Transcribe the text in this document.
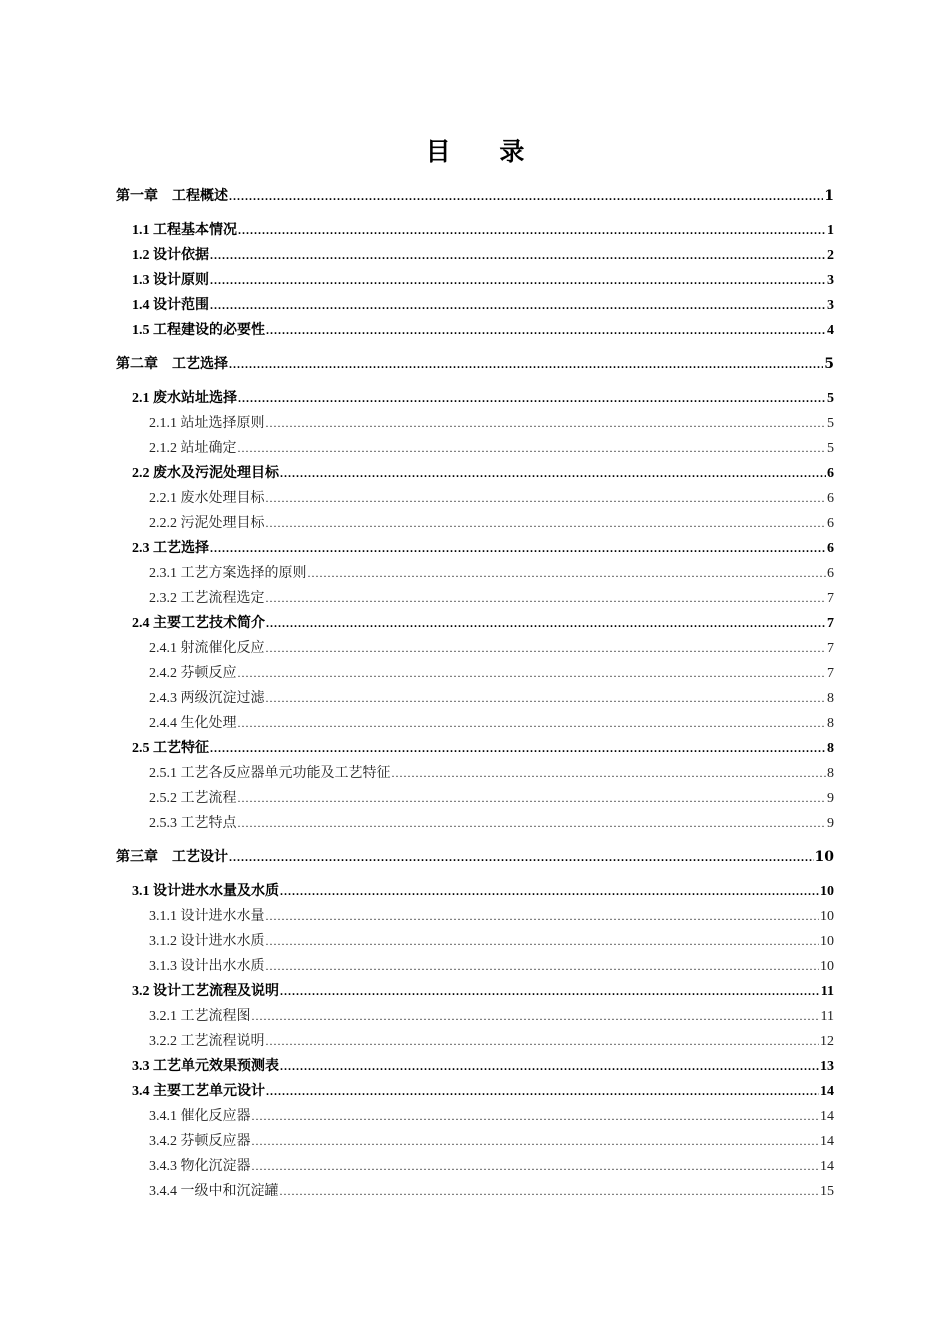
目 录
第一章　工程概述 .....	1
1.1 工程基本情况 .....	1
1.2 设计依据 .....	2
1.3 设计原则 .....	3
1.4 设计范围 .....	3
1.5 工程建设的必要性 .....	4
第二章　工艺选择 .....	5
2.1 废水站址选择 .....	5
2.1.1 站址选择原则 .....	5
2.1.2 站址确定 .....	5
2.2 废水及污泥处理目标 .....	6
2.2.1 废水处理目标 .....	6
2.2.2 污泥处理目标 .....	6
2.3 工艺选择 .....	6
2.3.1 工艺方案选择的原则 .....	6
2.3.2 工艺流程选定 .....	7
2.4 主要工艺技术简介 .....	7
2.4.1 射流催化反应 .....	7
2.4.2 芬顿反应 .....	7
2.4.3 两级沉淀过滤 .....	8
2.4.4 生化处理 .....	8
2.5 工艺特征 .....	8
2.5.1 工艺各反应器单元功能及工艺特征 .....	8
2.5.2 工艺流程 .....	9
2.5.3 工艺特点 .....	9
第三章　工艺设计 .....	10
3.1 设计进水水量及水质 .....	10
3.1.1 设计进水水量 .....	10
3.1.2 设计进水水质 .....	10
3.1.3 设计出水水质 .....	10
3.2 设计工艺流程及说明 .....	11
3.2.1 工艺流程图 .....	11
3.2.2 工艺流程说明 .....	12
3.3 工艺单元效果预测表 .....	13
3.4 主要工艺单元设计 .....	14
3.4.1 催化反应器 .....	14
3.4.2 芬顿反应器 .....	14
3.4.3 物化沉淀器 .....	14
3.4.4 一级中和沉淀罐 .....	15
